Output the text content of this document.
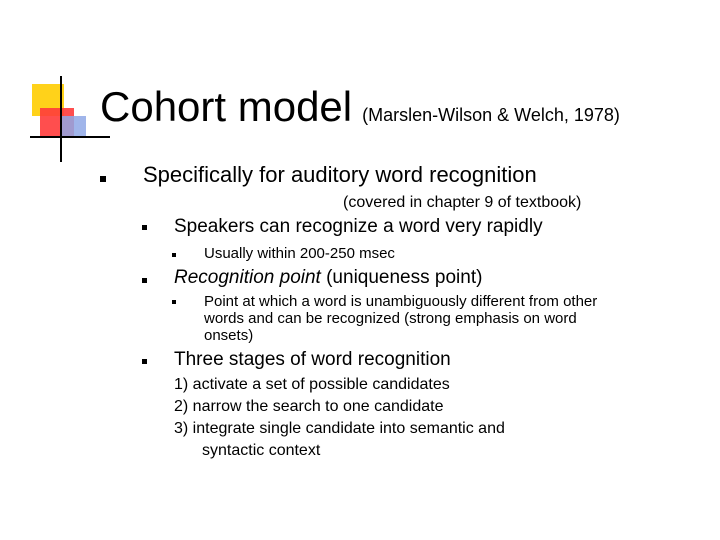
Cohort model (Marslen-Wilson & Welch, 1978)
Specifically for auditory word recognition
(covered in chapter 9 of textbook)
Speakers can recognize a word very rapidly
Usually within 200-250 msec
Recognition point (uniqueness point)
Point at which a word is unambiguously different from other words and can be recognized (strong emphasis on word onsets)
Three stages of word recognition
1) activate a set of possible candidates
2) narrow the search to one candidate
3) integrate single candidate into semantic and
syntactic context
